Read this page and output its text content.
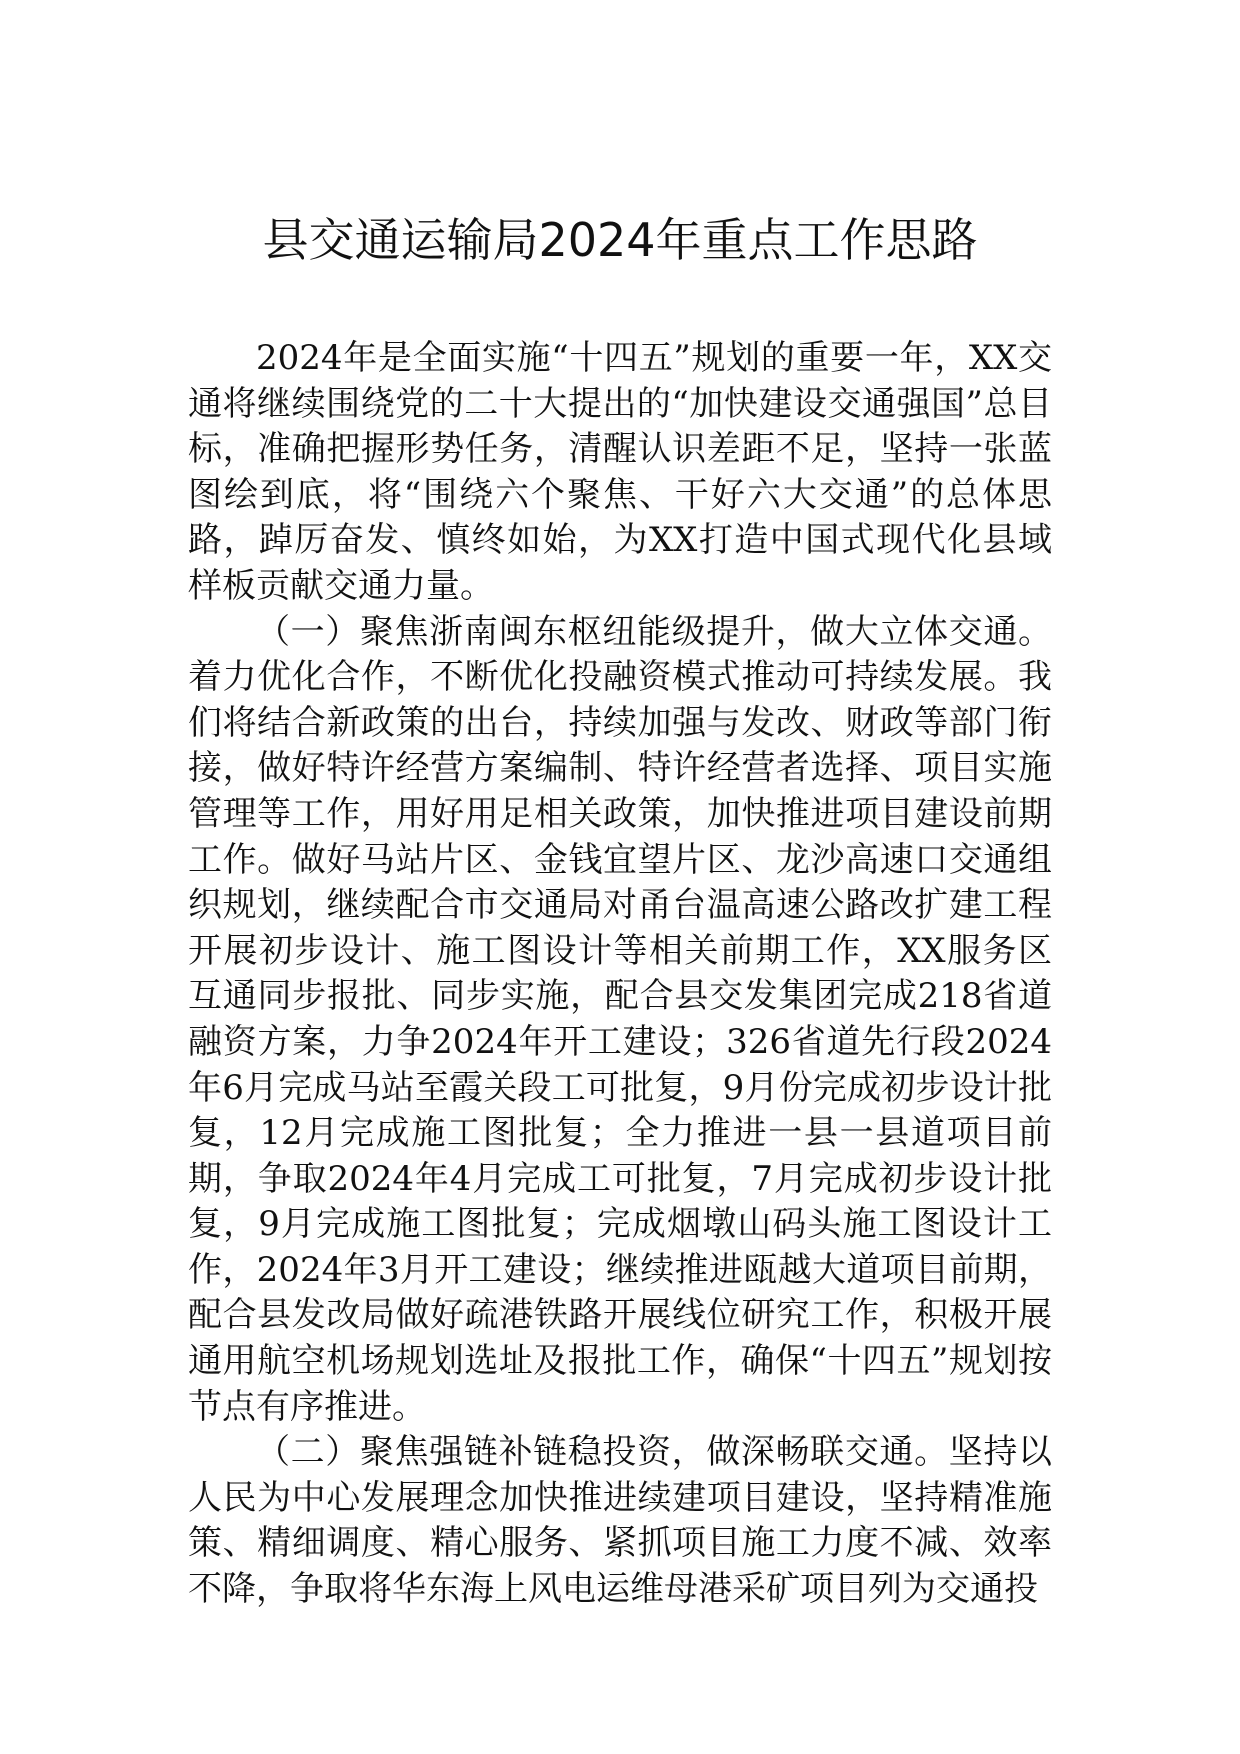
县交通运输局2024年重点工作思路

2024年是全面实施“十四五”规划的重要一年，XX交通将继续围绕党的二十大提出的“加快建设交通强国”总目标，准确把握形势任务，清醒认识差距不足，坚持一张蓝图绘到底，将“围绕六个聚焦、干好六大交通”的总体思路，踔厉奋发、慎终如始，为XX打造中国式现代化县域样板贡献交通力量。

（一）聚焦浙南闽东枢纽能级提升，做大立体交通。着力优化合作，不断优化投融资模式推动可持续发展。我们将结合新政策的出台，持续加强与发改、财政等部门衔接，做好特许经营方案编制、特许经营者选择、项目实施管理等工作，用好用足相关政策，加快推进项目建设前期工作。做好马站片区、金钱宜望片区、龙沙高速口交通组织规划，继续配合市交通局对甬台温高速公路改扩建工程开展初步设计、施工图设计等相关前期工作，XX服务区互通同步报批、同步实施，配合县交发集团完成218省道融资方案，力争2024年开工建设；326省道先行段2024年6月完成马站至霞关段工可批复，9月份完成初步设计批复，12月完成施工图批复；全力推进一县一县道项目前期，争取2024年4月完成工可批复，7月完成初步设计批复，9月完成施工图批复；完成烟墩山码头施工图设计工作，2024年3月开工建设；继续推进瓯越大道项目前期，配合县发改局做好疏港铁路开展线位研究工作，积极开展通用航空机场规划选址及报批工作，确保“十四五”规划按节点有序推进。

（二）聚焦强链补链稳投资，做深畅联交通。坚持以人民为中心发展理念加快推进续建项目建设，坚持精准施策、精细调度、精心服务、紧抓项目施工力度不减、效率不降，争取将华东海上风电运维母港采矿项目列为交通投
